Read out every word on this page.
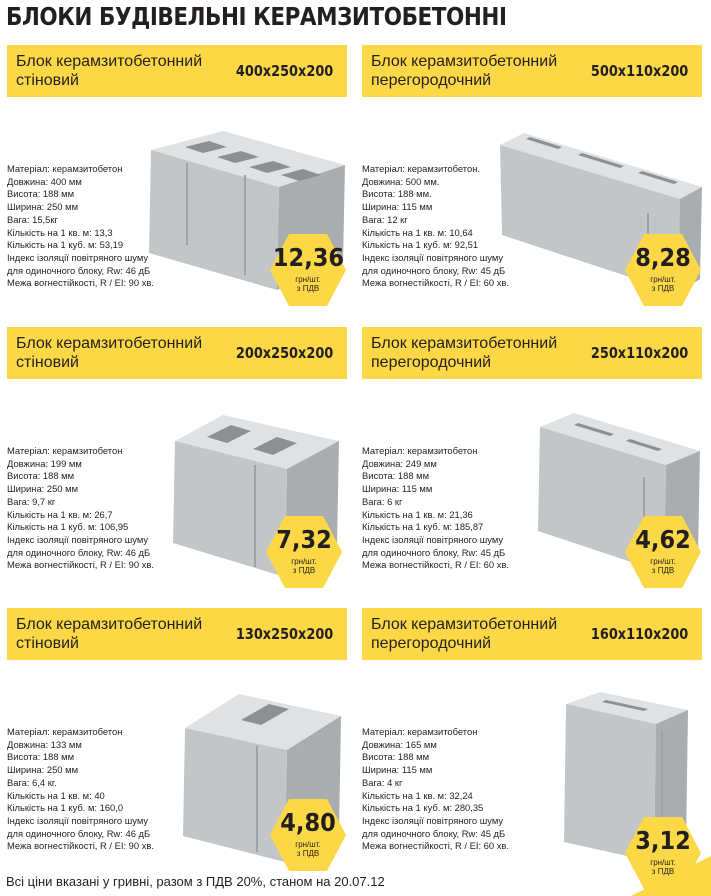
БЛОКИ БУДІВЕЛЬНІ КЕРАМЗИТОБЕТОННІ
Блок керамзитобетонний
стіновий
400x250x200
Матеріал: керамзитобетон
Довжина: 400 мм
Висота: 188 мм
Ширина: 250 мм
Вага: 15,5кг
Кількість на 1 кв. м: 13,3
Кількість на 1 куб. м: 53,19
Індекс ізоляції повітряного шуму
для одиночного блоку, Rw: 46 дБ
Межа вогнестійкості, R / EI: 90 хв.
12,36
грн/шт.
з ПДВ
Блок керамзитобетонний
перегородочний
500x110x200
Матеріал: керамзитобетон.
Довжина: 500 мм.
Висота: 188 мм.
Ширина: 115 мм
Вага: 12 кг
Кількість на 1 кв. м: 10,64
Кількість на 1 куб. м: 92,51
Індекс ізоляції повітряного шуму
для одиночного блоку, Rw: 45 дБ
Межа вогнестійкості, R / EI: 60 хв.
8,28
грн/шт.
з ПДВ
Блок керамзитобетонний
стіновий
200x250x200
Матеріал: керамзитобетон
Довжина: 199 мм
Висота: 188 мм
Ширина: 250 мм
Вага: 9,7 кг
Кількість на 1 кв. м: 26,7
Кількість на 1 куб. м: 106,95
Індекс ізоляції повітряного шуму
для одиночного блоку, Rw: 46 дБ
Межа вогнестійкості, R / EI: 90 хв.
7,32
грн/шт.
з ПДВ
Блок керамзитобетонний
перегородочний
250x110x200
Матеріал: керамзитобетон
Довжина: 249 мм
Висота: 188 мм
Ширина: 115 мм
Вага: 6 кг
Кількість на 1 кв. м: 21,36
Кількість на 1 куб. м: 185,87
Індекс ізоляції повітряного шуму
для одиночного блоку, Rw: 45 дБ
Межа вогнестійкості, R / EI: 60 хв.
4,62
грн/шт.
з ПДВ
Блок керамзитобетонний
стіновий
130x250x200
Матеріал: керамзитобетон
Довжина: 133 мм
Висота: 188 мм
Ширина: 250 мм
Вага: 6,4 кг.
Кількість на 1 кв. м: 40
Кількість на 1 куб. м: 160,0
Індекс ізоляції повітряного шуму
для одиночного блоку, Rw: 46 дБ
Межа вогнестійкості, R / EI: 90 хв.
4,80
грн/шт.
з ПДВ
Блок керамзитобетонний
перегородочний
160x110x200
Матеріал: керамзитобетон
Довжина: 165 мм
Висота: 188 мм
Ширина: 115 мм
Вага: 4 кг
Кількість на 1 кв. м: 32,24
Кількість на 1 куб. м: 280,35
Індекс ізоляції повітряного шуму
для одиночного блоку, Rw: 45 дБ
Межа вогнестійкості, R / EI: 60 хв.	3,12
грн/шт.
з ПДВ
Всі ціни вказані у гривні, разом з ПДВ 20%, станом на 20.07.12
